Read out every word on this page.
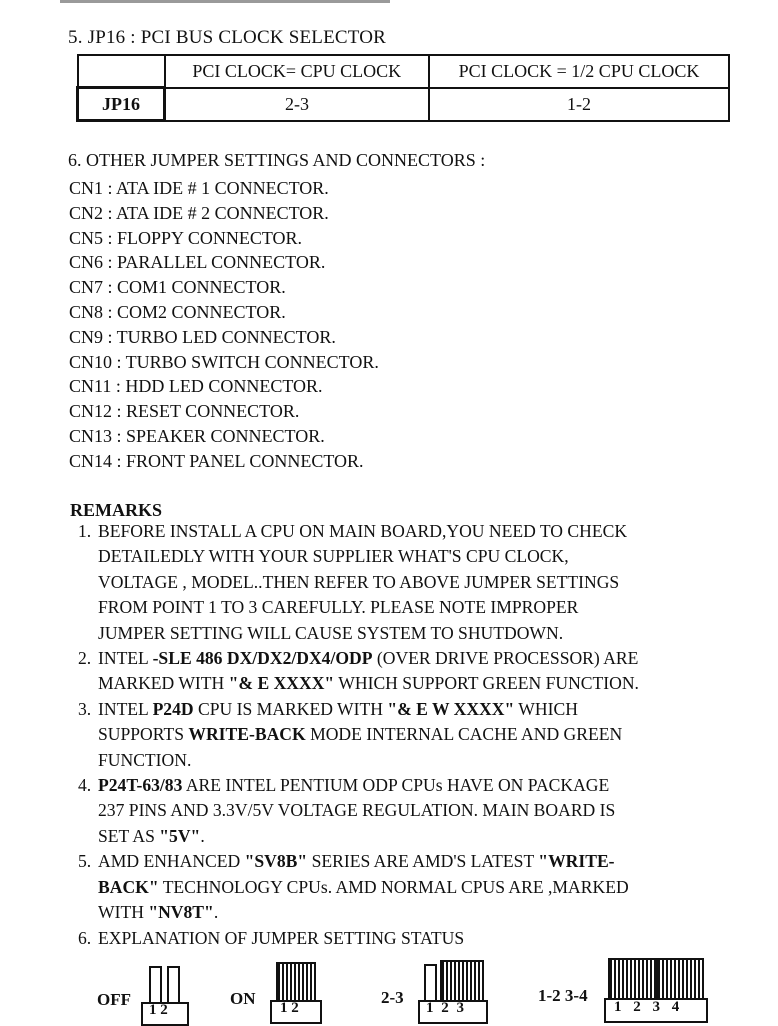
5. JP16 : PCI BUS CLOCK SELECTOR
	PCI CLOCK= CPU CLOCK	PCI CLOCK = 1/2 CPU CLOCK
JP16	2-3	1-2
6. OTHER JUMPER SETTINGS AND CONNECTORS :
CN1 : ATA IDE # 1 CONNECTOR.
CN2 : ATA IDE # 2 CONNECTOR.
CN5 : FLOPPY CONNECTOR.
CN6 : PARALLEL CONNECTOR.
CN7 : COM1 CONNECTOR.
CN8 : COM2 CONNECTOR.
CN9 : TURBO LED CONNECTOR.
CN10 : TURBO SWITCH CONNECTOR.
CN11 : HDD LED CONNECTOR.
CN12 : RESET CONNECTOR.
CN13 : SPEAKER CONNECTOR.
CN14 : FRONT PANEL CONNECTOR.
REMARKS
1. BEFORE INSTALL A CPU ON MAIN BOARD,YOU NEED TO CHECK
DETAILEDLY WITH YOUR SUPPLIER WHAT'S CPU CLOCK,
VOLTAGE , MODEL..THEN REFER TO ABOVE JUMPER SETTINGS
FROM POINT 1 TO 3 CAREFULLY. PLEASE NOTE IMPROPER
JUMPER SETTING WILL CAUSE SYSTEM TO SHUTDOWN.
2. INTEL -SLE 486 DX/DX2/DX4/ODP (OVER DRIVE PROCESSOR) ARE
MARKED WITH "& E XXXX" WHICH SUPPORT GREEN FUNCTION.
3. INTEL P24D CPU IS MARKED WITH "& E W XXXX" WHICH
SUPPORTS WRITE-BACK MODE INTERNAL CACHE AND GREEN
FUNCTION.
4. P24T-63/83 ARE INTEL PENTIUM ODP CPUs HAVE ON PACKAGE
237 PINS AND 3.3V/5V VOLTAGE REGULATION. MAIN BOARD IS
SET AS "5V".
5. AMD ENHANCED "SV8B" SERIES ARE AMD'S LATEST "WRITE-
BACK" TECHNOLOGY CPUs. AMD NORMAL CPUS ARE ,MARKED
WITH "NV8T".
6. EXPLANATION OF JUMPER SETTING STATUS
OFF
1 2
ON 1 2
2-3
1 2 3
1-2 3-4
1 2 3 4
